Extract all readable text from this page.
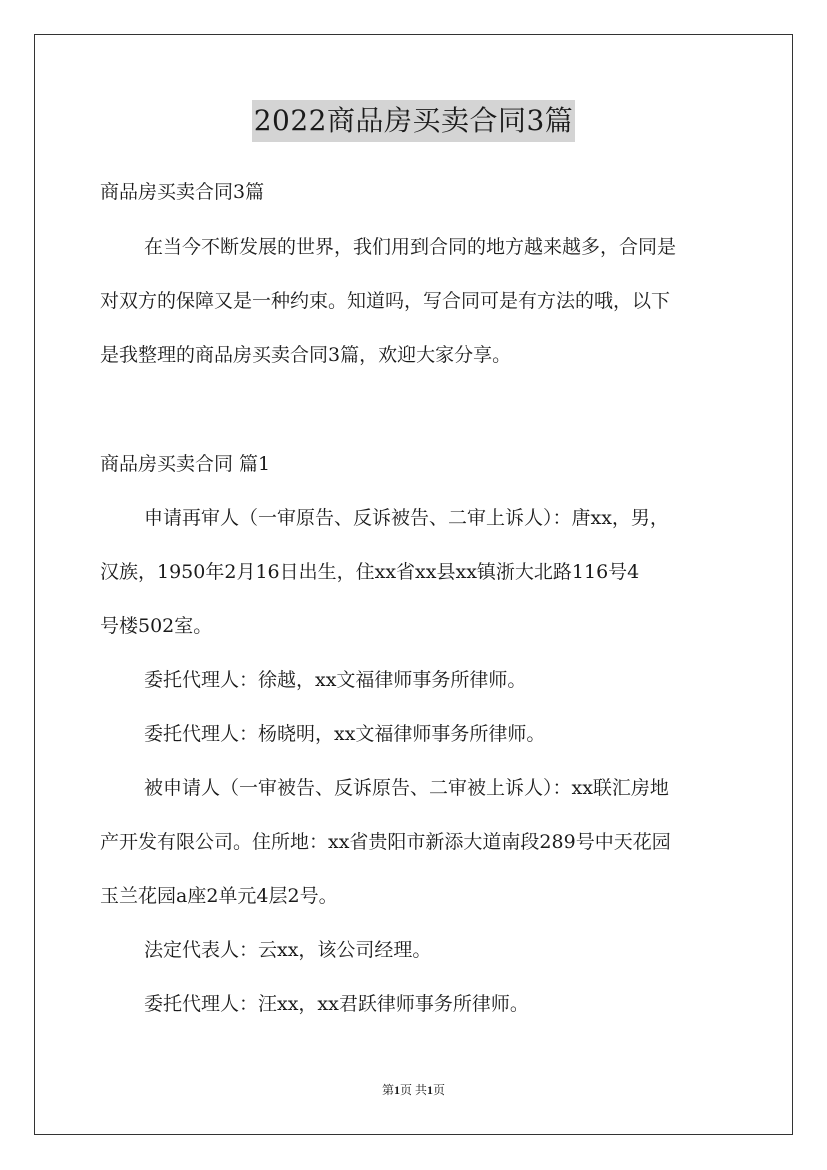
2022商品房买卖合同3篇

商品房买卖合同3篇

在当今不断发展的世界，我们用到合同的地方越来越多，合同是

对双方的保障又是一种约束。知道吗，写合同可是有方法的哦，以下

是我整理的商品房买卖合同3篇，欢迎大家分享。

商品房买卖合同 篇1

申请再审人（一审原告、反诉被告、二审上诉人）：唐xx，男，

汉族，1950年2月16日出生，住xx省xx县xx镇浙大北路116号4

号楼502室。

委托代理人：徐越，xx文福律师事务所律师。

委托代理人：杨晓明，xx文福律师事务所律师。

被申请人（一审被告、反诉原告、二审被上诉人）：xx联汇房地

产开发有限公司。住所地：xx省贵阳市新添大道南段289号中天花园

玉兰花园a座2单元4层2号。

法定代表人：云xx，该公司经理。

委托代理人：汪xx，xx君跃律师事务所律师。

第1页 共1页
